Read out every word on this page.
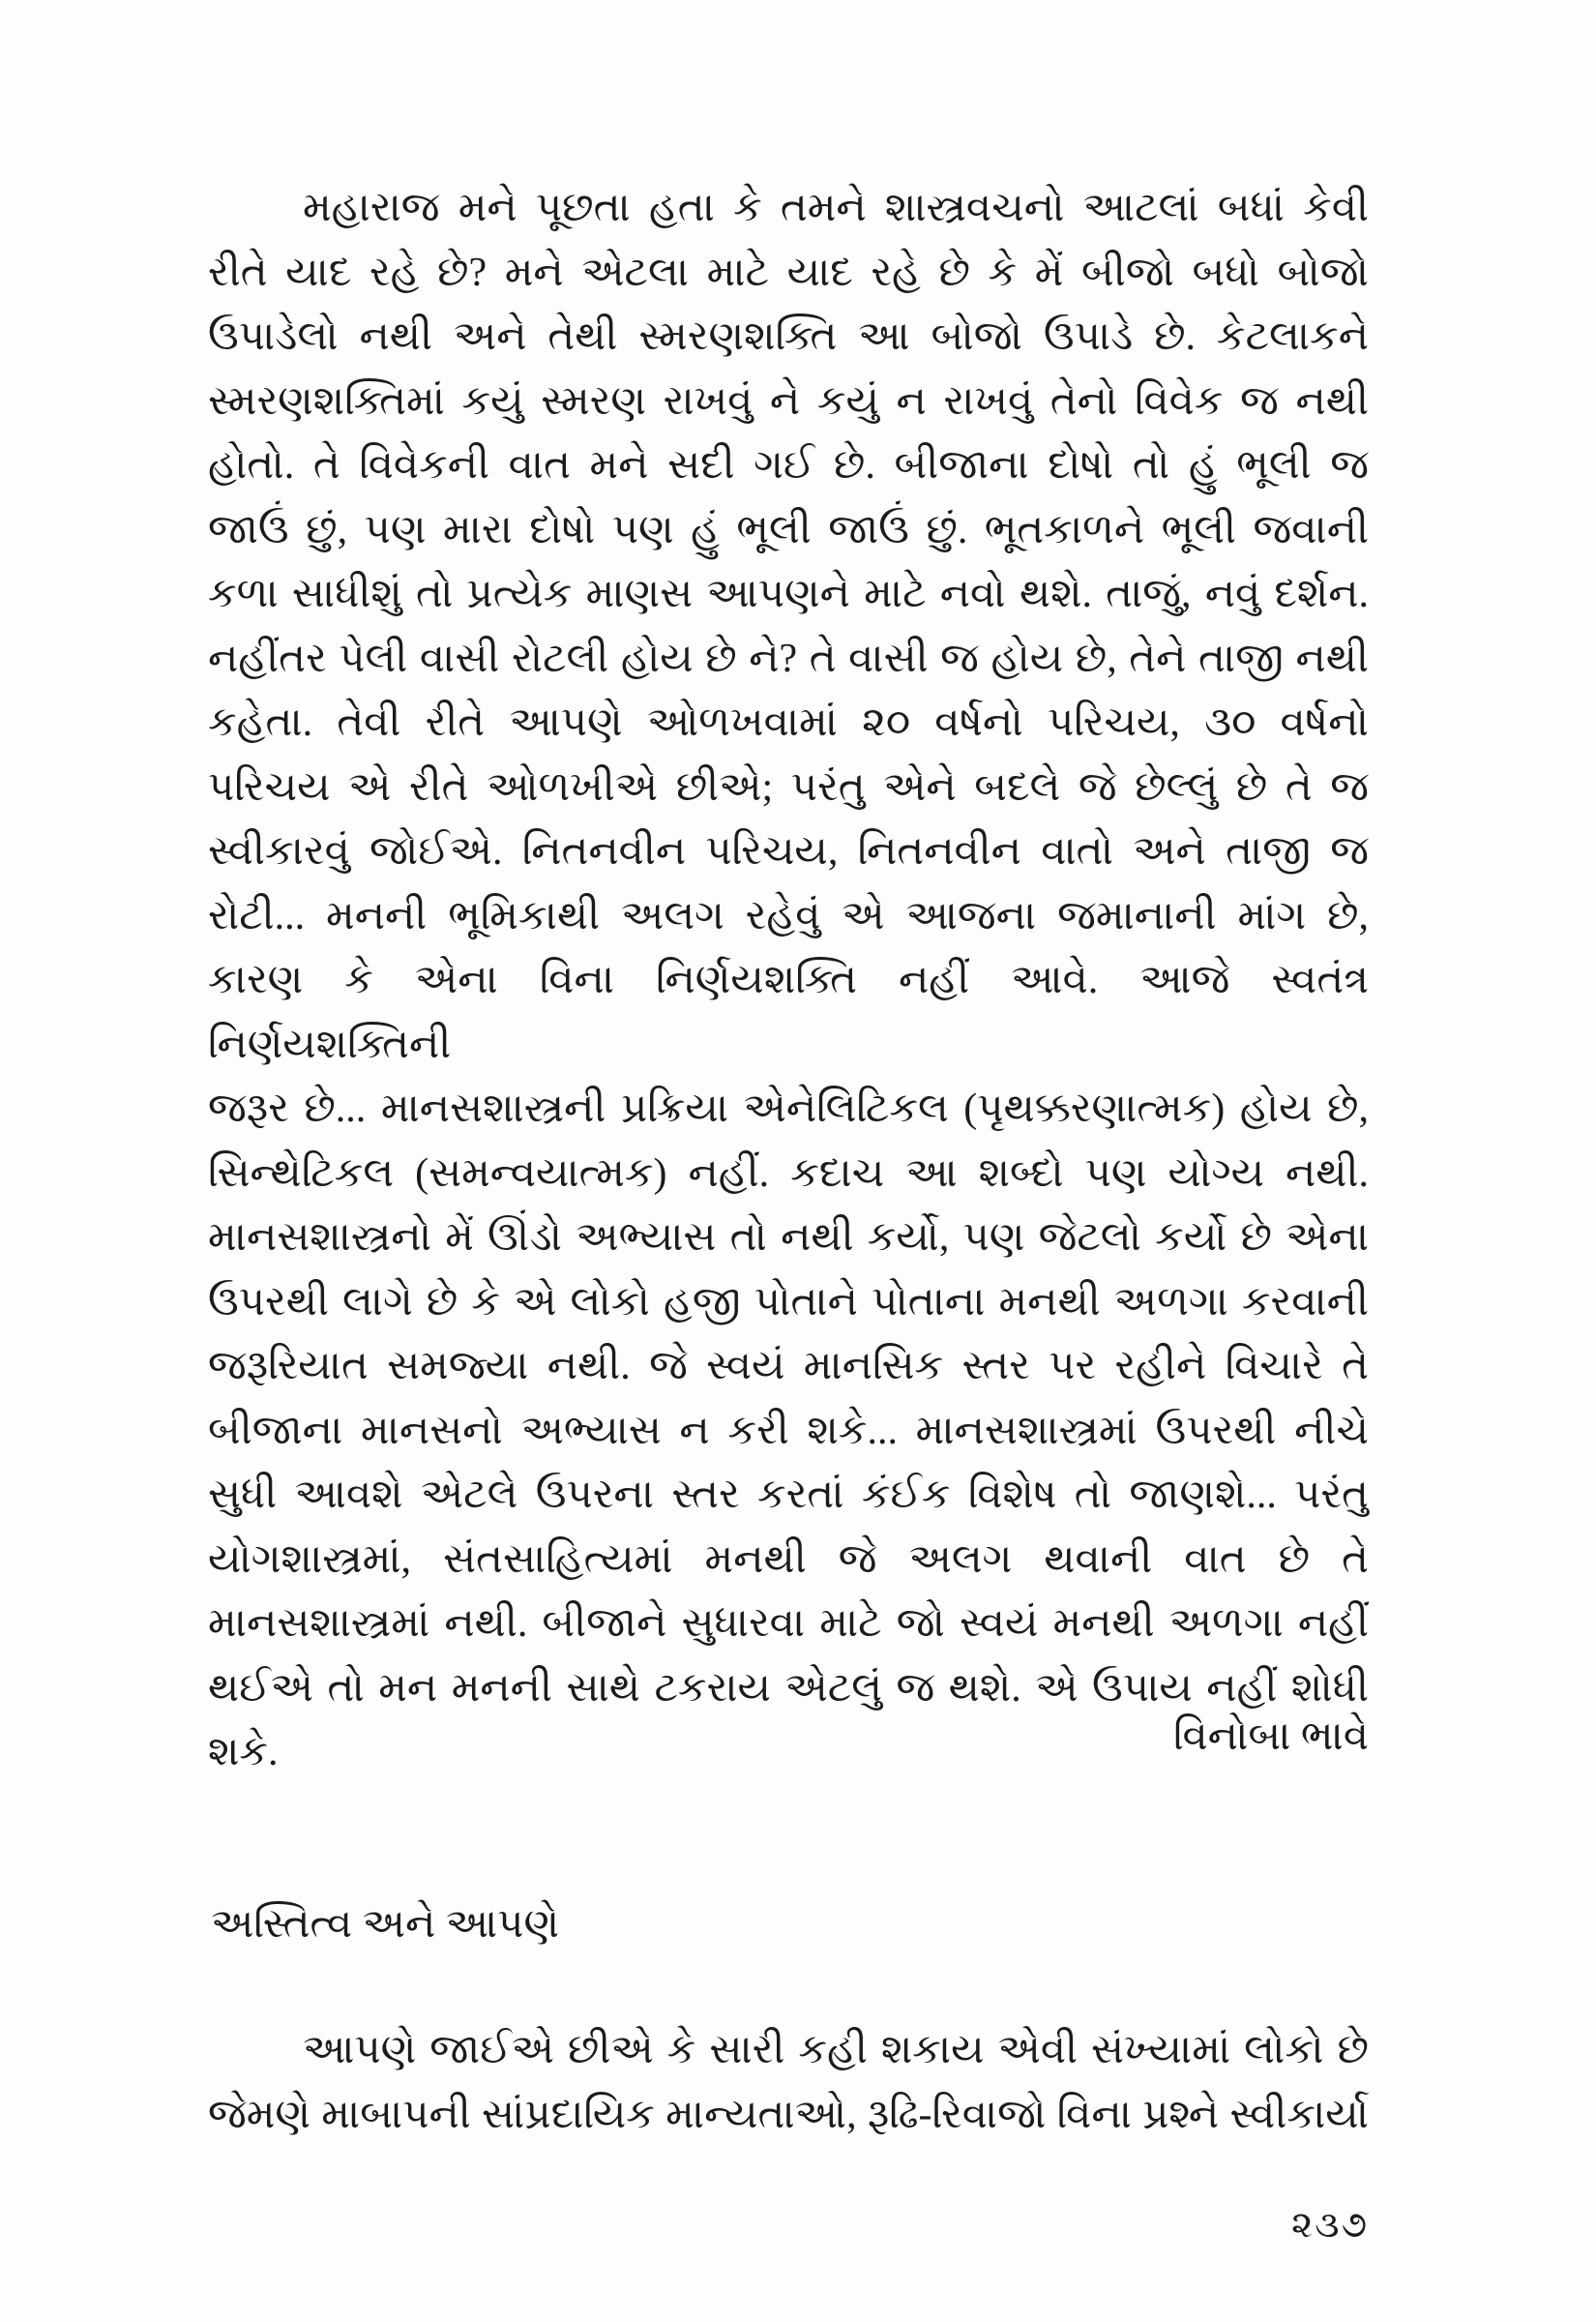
મહારાજ મને પૂછતા હતા કે તમને શાસ્ત્રવચનો આટલાં બધાં કેવી
રીતે યાદ રહે છે? મને એટલા માટે યાદ રહે છે કે મેં બીજો બધો બોજો
ઉપાડેલો નથી અને તેથી સ્મરણશક્તિ આ બોજો ઉપાડે છે. કેટલાકને
સ્મરણશક્તિમાં કયું સ્મરણ રાખવું ને કયું ન રાખવું તેનો વિવેક જ નથી
હોતો. તે વિવેકની વાત મને સદી ગઈ છે. બીજાના દોષો તો હું ભૂલી જ
જાઉં છું, પણ મારા દોષો પણ હું ભૂલી જાઉં છું. ભૂતકાળને ભૂલી જવાની
કળા સાધીશું તો પ્રત્યેક માણસ આપણને માટે નવો થશે. તાજું, નવું દર્શન.
નહીંતર પેલી વાસી રોટલી હોય છે ને? તે વાસી જ હોય છે, તેને તાજી નથી
કહેતા. તેવી રીતે આપણે ઓળખવામાં ૨૦ વર્ષનો પરિચય, ૩૦ વર્ષનો
પરિચય એ રીતે ઓળખીએ છીએ; પરંતુ એને બદલે જે છેલ્લું છે તે જ
સ્વીકારવું જોઈએ. નિતનવીન પરિચય, નિતનવીન વાતો અને તાજી જ
રોટી... મનની ભૂમિકાથી અલગ રહેવું એ આજના જમાનાની માંગ છે,
કારણ કે એના વિના નિર્ણયશક્તિ નહીં આવે. આજે સ્વતંત્ર નિર્ણયશક્તિની
જરૂર છે... માનસશાસ્ત્રની પ્રક્રિયા એનેલિટિકલ (પૃથક્કરણાત્મક) હોય છે,
સિન્થેટિકલ (સમન્વયાત્મક) નહીં. કદાચ આ શબ્દો પણ યોગ્ય નથી.
માનસશાસ્ત્રનો મેં ઊંડો અભ્યાસ તો નથી કર્યો, પણ જેટલો કર્યો છે એના
ઉપરથી લાગે છે કે એ લોકો હજી પોતાને પોતાના મનથી અળગા કરવાની
જરૂરિયાત સમજ્યા નથી. જે સ્વયં માનસિક સ્તર પર રહીને વિચારે તે
બીજાના માનસનો અભ્યાસ ન કરી શકે... માનસશાસ્ત્રમાં ઉપરથી નીચે
સુધી આવશે એટલે ઉપરના સ્તર કરતાં કંઈક વિશેષ તો જાણશે... પરંતુ
યોગશાસ્ત્રમાં, સંતસાહિત્યમાં મનથી જે અલગ થવાની વાત છે તે
માનસશાસ્ત્રમાં નથી. બીજાને સુધારવા માટે જો સ્વયં મનથી અળગા નહીં
થઈએ તો મન મનની સાથે ટકરાય એટલું જ થશે. એ ઉપાય નહીં શોધી
શકે.	વિનોબા ભાવે
અસ્તિત્વ અને આપણે
આપણે જાઈએ છીએ કે સારી કહી શકાય એવી સંખ્યામાં લોકો છે
જેમણે માબાપની સાંપ્રદાયિક માન્યતાઓ, રૂઢિ-રિવાજો વિના પ્રશ્ને સ્વીકાર્યા
૨૩૭
